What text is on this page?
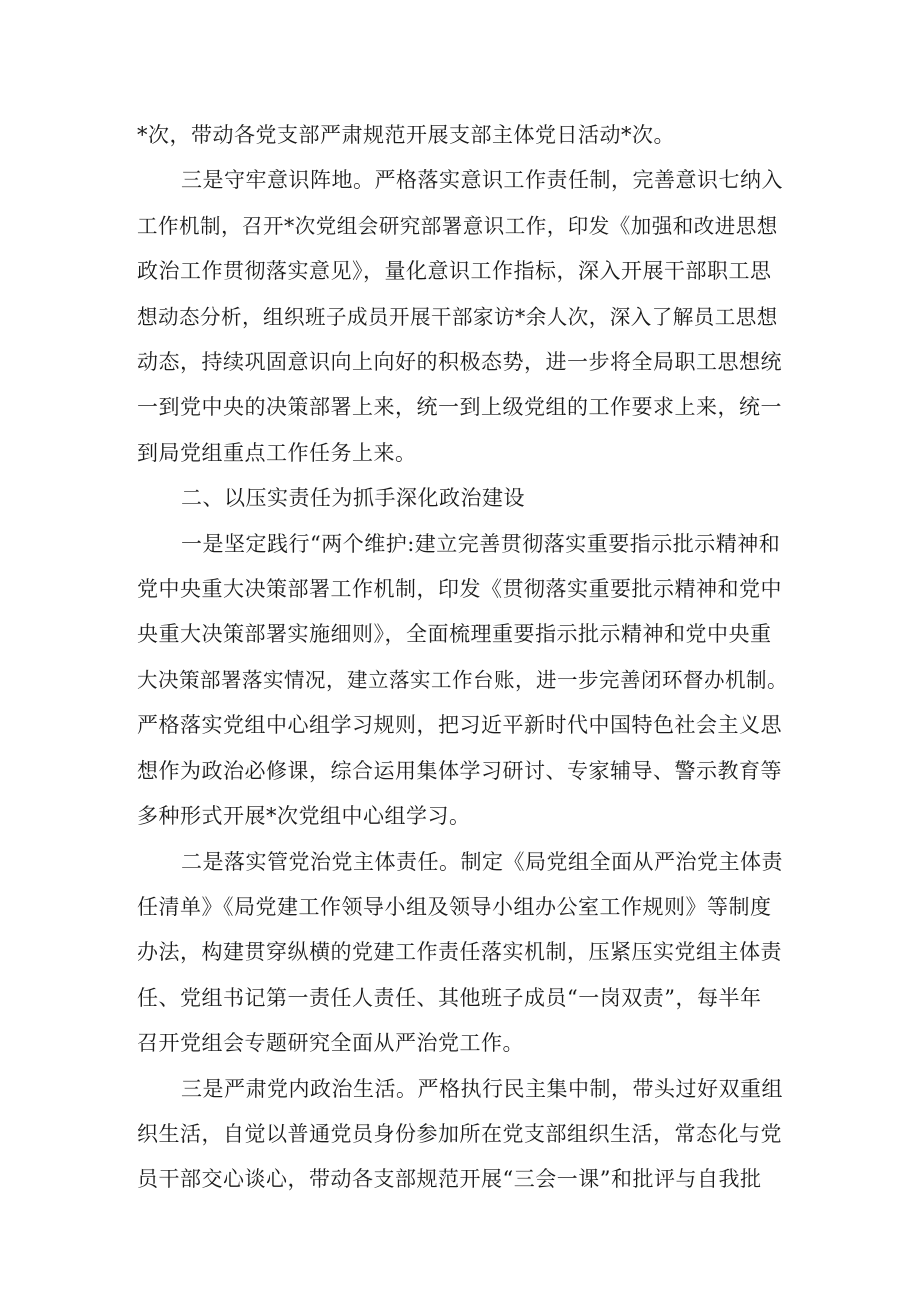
*次，带动各党支部严肃规范开展支部主体党日活动*次。

三是守牢意识阵地。严格落实意识工作责任制，完善意识七纳入
工作机制，召开*次党组会研究部署意识工作，印发《加强和改进思想
政治工作贯彻落实意见》，量化意识工作指标，深入开展干部职工思
想动态分析，组织班子成员开展干部家访*余人次，深入了解员工思想
动态，持续巩固意识向上向好的积极态势，进一步将全局职工思想统
一到党中央的决策部署上来，统一到上级党组的工作要求上来，统一
到局党组重点工作任务上来。

二、以压实责任为抓手深化政治建设

一是坚定践行“两个维护:建立完善贯彻落实重要指示批示精神和
党中央重大决策部署工作机制，印发《贯彻落实重要批示精神和党中
央重大决策部署实施细则》，全面梳理重要指示批示精神和党中央重
大决策部署落实情况，建立落实工作台账，进一步完善闭环督办机制。
严格落实党组中心组学习规则，把习近平新时代中国特色社会主义思
想作为政治必修课，综合运用集体学习研讨、专家辅导、警示教育等
多种形式开展*次党组中心组学习。

二是落实管党治党主体责任。制定《局党组全面从严治党主体责
任清单》《局党建工作领导小组及领导小组办公室工作规则》等制度
办法，构建贯穿纵横的党建工作责任落实机制，压紧压实党组主体责
任、党组书记第一责任人责任、其他班子成员“一岗双责”，每半年
召开党组会专题研究全面从严治党工作。

三是严肃党内政治生活。严格执行民主集中制，带头过好双重组
织生活，自觉以普通党员身份参加所在党支部组织生活，常态化与党
员干部交心谈心，带动各支部规范开展“三会一课”和批评与自我批
